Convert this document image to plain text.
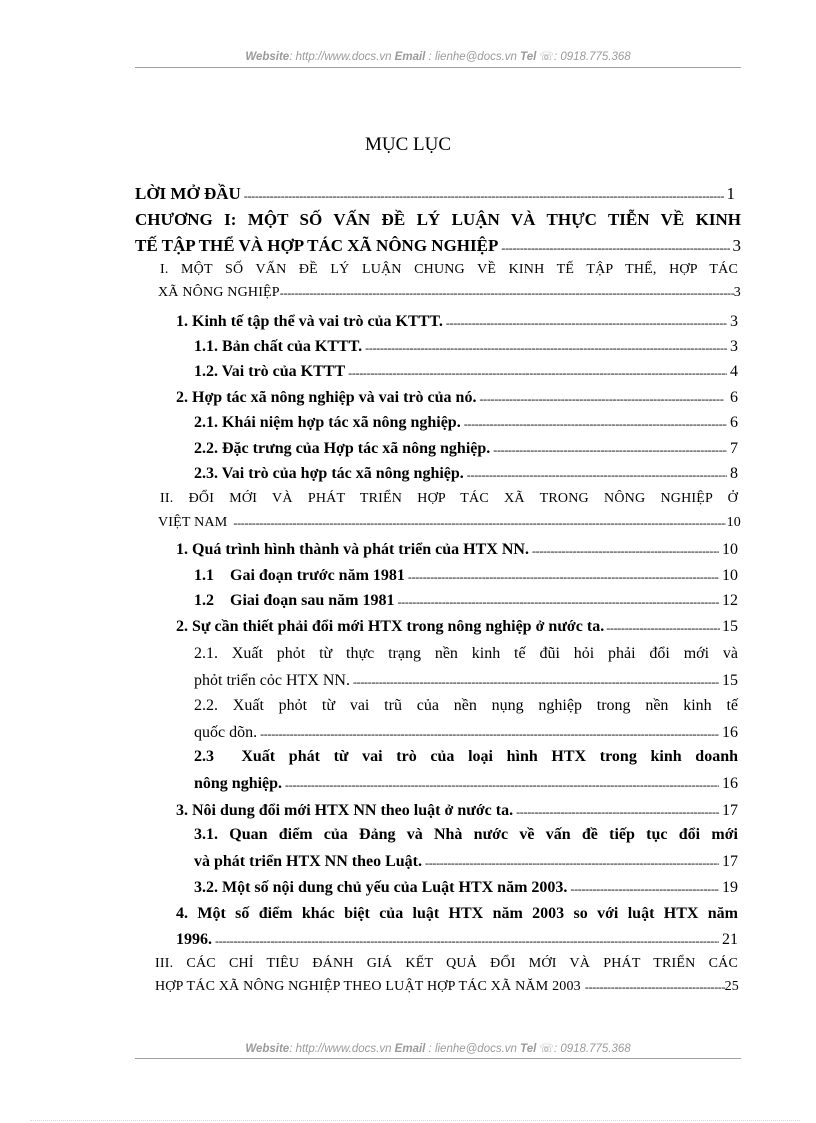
Website: http://www.docs.vn Email : lienhe@docs.vn Tel ☏: 0918.775.368
MỤC LỤC
LỜI MỞ ĐẦU -----	1
CHƯƠNG I: MỘT SỐ VẤN ĐỀ LÝ LUẬN VÀ THỰC TIỄN VỀ KINH
TẾ TẬP THỂ VÀ HỢP TÁC XÃ NÔNG NGHIỆP -----	3
I. MỘT SỐ VẤN ĐỀ LÝ LUẬN CHUNG VỀ KINH TẾ TẬP THỂ, HỢP TÁC
XÃ NÔNG NGHIỆP -----	3
1. Kinh tế tập thể và vai trò của KTTT. -----	3
1.1. Bản chất của KTTT. -----	3
1.2. Vai trò của KTTT -----	4
2. Hợp tác xã nông nghiệp và vai trò của nó. -----	6
2.1. Khái niệm hợp tác xã nông nghiệp. -----	6
2.2. Đặc trưng của Hợp tác xã nông nghiệp. -----	7
2.3. Vai trò của hợp tác xã nông nghiệp. -----	8
II. ĐỔI MỚI VÀ PHÁT TRIỂN HỢP TÁC XÃ TRONG NÔNG NGHIỆP Ở
VIỆT NAM -----	10
1. Quá trình hình thành và phát triển của HTX NN. -----	10
1.1    Gai đoạn trước năm 1981 -----	10
1.2    Giai đoạn sau năm 1981 -----	12
2. Sự cần thiết phải đổi mới HTX trong nông nghiệp ở nước ta. -----	15
2.1. Xuất phỏt từ thực trạng nền kinh tế đũi hỏi phải đổi mới và
phỏt triển cỏc HTX NN. -----	15
2.2. Xuất phỏt từ vai trũ của nền nụng nghiệp trong nền kinh tế
quốc dõn. -----	16
2.3  Xuất phát từ vai trò của loại hình HTX trong kinh doanh
nông nghiệp. -----	16
3. Nôi dung đổi mới HTX NN theo luật ở nước ta. -----	17
3.1. Quan điểm của Đảng và Nhà nước về vấn đề tiếp tục đổi mới
và phát triển HTX NN theo Luật. -----	17
3.2. Một số nội dung chủ yếu của Luật HTX năm 2003. -----	19
4. Một số điểm khác biệt của luật HTX năm 2003 so với luật HTX năm
1996. -----	21
III. CÁC CHỈ TIÊU ĐÁNH GIÁ KẾT QUẢ ĐỔI MỚI VÀ PHÁT TRIỂN CÁC
HỢP TÁC XÃ NÔNG NGHIỆP THEO LUẬT HỢP TÁC XÃ NĂM 2003 -----	25
Website: http://www.docs.vn Email : lienhe@docs.vn Tel ☏: 0918.775.368
